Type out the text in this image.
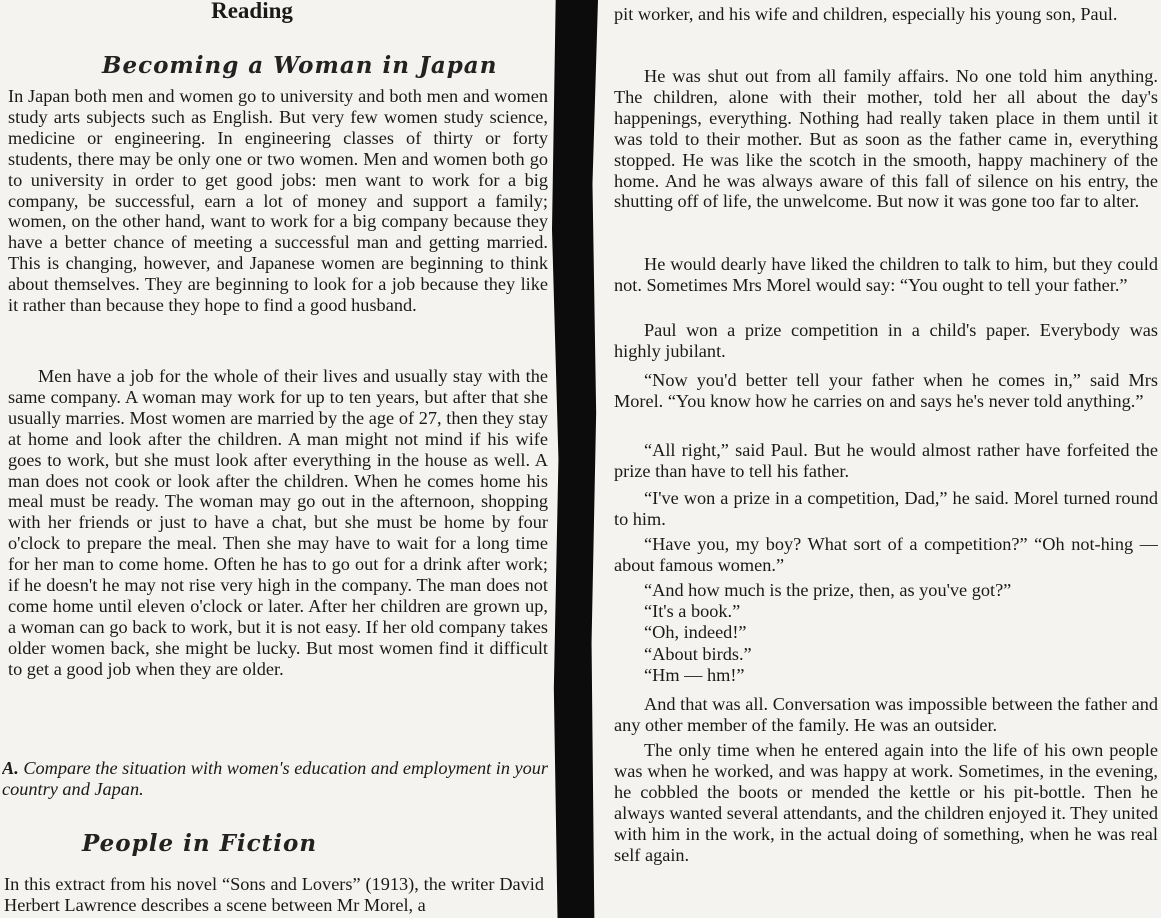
Reading
Becoming a Woman in Japan

In Japan both men and women go to university and both men and women study arts subjects such as English. But very few women study science, medicine or engineering. In engineering classes of thirty or forty students, there may be only one or two women. Men and women both go to university in order to get good jobs: men want to work for a big company, be successful, earn a lot of money and support a family; women, on the other hand, want to work for a big company because they have a better chance of meeting a successful man and getting married. This is changing, however, and Japanese women are beginning to think about themselves. They are beginning to look for a job because they like it rather than because they hope to find a good husband.

Men have a job for the whole of their lives and usually stay with the same company. A woman may work for up to ten years, but after that she usually marries. Most women are married by the age of 27, then they stay at home and look after the children. A man might not mind if his wife goes to work, but she must look after everything in the house as well. A man does not cook or look after the children. When he comes home his meal must be ready. The woman may go out in the afternoon, shopping with her friends or just to have a chat, but she must be home by four o'clock to prepare the meal. Then she may have to wait for a long time for her man to come home. Often he has to go out for a drink after work; if he doesn't he may not rise very high in the company. The man does not come home until eleven o'clock or later. After her children are grown up, a woman can go back to work, but it is not easy. If her old company takes older women back, she might be lucky. But most women find it difficult to get a good job when they are older.

A. Compare the situation with women's education and employment in your country and Japan.

People in Fiction

In this extract from his novel “Sons and Lovers” (1913), the writer David Herbert Lawrence describes a scene between Mr Morel, a

pit worker, and his wife and children, especially his young son, Paul.

He was shut out from all family affairs. No one told him anything. The children, alone with their mother, told her all about the day's happenings, everything. Nothing had really taken place in them until it was told to their mother. But as soon as the father came in, everything stopped. He was like the scotch in the smooth, happy machinery of the home. And he was always aware of this fall of silence on his entry, the shutting off of life, the unwelcome. But now it was gone too far to alter.

He would dearly have liked the children to talk to him, but they could not. Sometimes Mrs Morel would say: “You ought to tell your father.”

Paul won a prize competition in a child's paper. Everybody was highly jubilant.

“Now you'd better tell your father when he comes in,” said Mrs Morel. “You know how he carries on and says he's never told anything.”

“All right,” said Paul. But he would almost rather have forfeited the prize than have to tell his father.

“I've won a prize in a competition, Dad,” he said. Morel turned round to him.

“Have you, my boy? What sort of a competition?” “Oh not-hing — about famous women.”

“And how much is the prize, then, as you've got?”

“It's a book.”

“Oh, indeed!”

“About birds.”

“Hm — hm!”

And that was all. Conversation was impossible between the father and any other member of the family. He was an outsider.

The only time when he entered again into the life of his own people was when he worked, and was happy at work. Sometimes, in the evening, he cobbled the boots or mended the kettle or his pit-bottle. Then he always wanted several attendants, and the children enjoyed it. They united with him in the work, in the actual doing of something, when he was real self again.
